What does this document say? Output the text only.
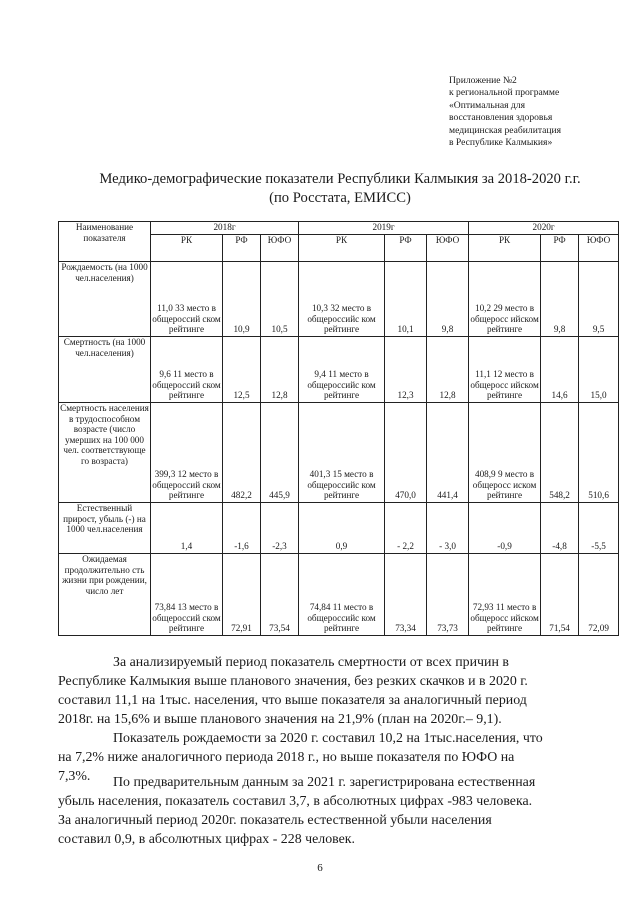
Приложение №2
к региональной программе
«Оптимальная для
восстановления здоровья
медицинская реабилитация
в Республике Калмыкия»
Медико-демографические показатели Республики Калмыкия за 2018-2020 г.г.
(по Росстата, ЕМИСС)
Наименование показателя	2018г			2019г			2020г		
	РК	РФ	ЮФО	РК	РФ	ЮФО	РК	РФ	ЮФО
Рождаемость (на 1000 чел.населения)	11,0 33 место в общероссий ском рейтинге	10,9	10,5	10,3 32 место в общероссийс ком рейтинге	10,1	9,8	10,2 29 место в общеросс ийском рейтинге	9,8	9,5
Смертность (на 1000 чел.населения)	9,6 11 место в общероссий ском рейтинге	12,5	12,8	9,4 11 место в общероссийс ком рейтинге	12,3	12,8	11,1 12 место в общеросс ийском рейтинге	14,6	15,0
Смертность населения в трудоспособном возрасте (число умерших на 100 000 чел. соответствующе го возраста)	399,3 12 место в общероссий ском рейтинге	482,2	445,9	401,3 15 место в общероссийс ком рейтинге	470,0	441,4	408,9 9 место в общеросс иском рейтинге	548,2	510,6
Естественный прирост, убыль (-) на 1000 чел.населения	1,4	-1,6	-2,3	0,9	- 2,2	- 3,0	-0,9	-4,8	-5,5
Ожидаемая продолжительно сть жизни при рождении, число лет	73,84 13 место в общероссий ском рейтинге	72,91	73,54	74,84 11 место в общероссийс ком рейтинге	73,34	73,73	72,93 11 место в общеросс ийском рейтинге	71,54	72,09
За анализируемый период показатель смертности от всех причин в
Республике Калмыкия выше планового значения, без резких скачков и в 2020 г.
составил 11,1 на 1тыс. населения, что выше показателя за аналогичный период
2018г. на 15,6% и выше планового значения на 21,9% (план на 2020г.– 9,1).
Показатель рождаемости за 2020 г. составил 10,2 на 1тыс.населения, что
на 7,2% ниже аналогичного периода 2018 г., но выше показателя по ЮФО на
7,3%.	По предварительным данным за 2021 г. зарегистрирована естественная
убыль населения, показатель составил 3,7, в абсолютных цифрах -983 человека.
За аналогичный период 2020г. показатель естественной убыли населения
составил 0,9, в абсолютных цифрах - 228 человек.
6
